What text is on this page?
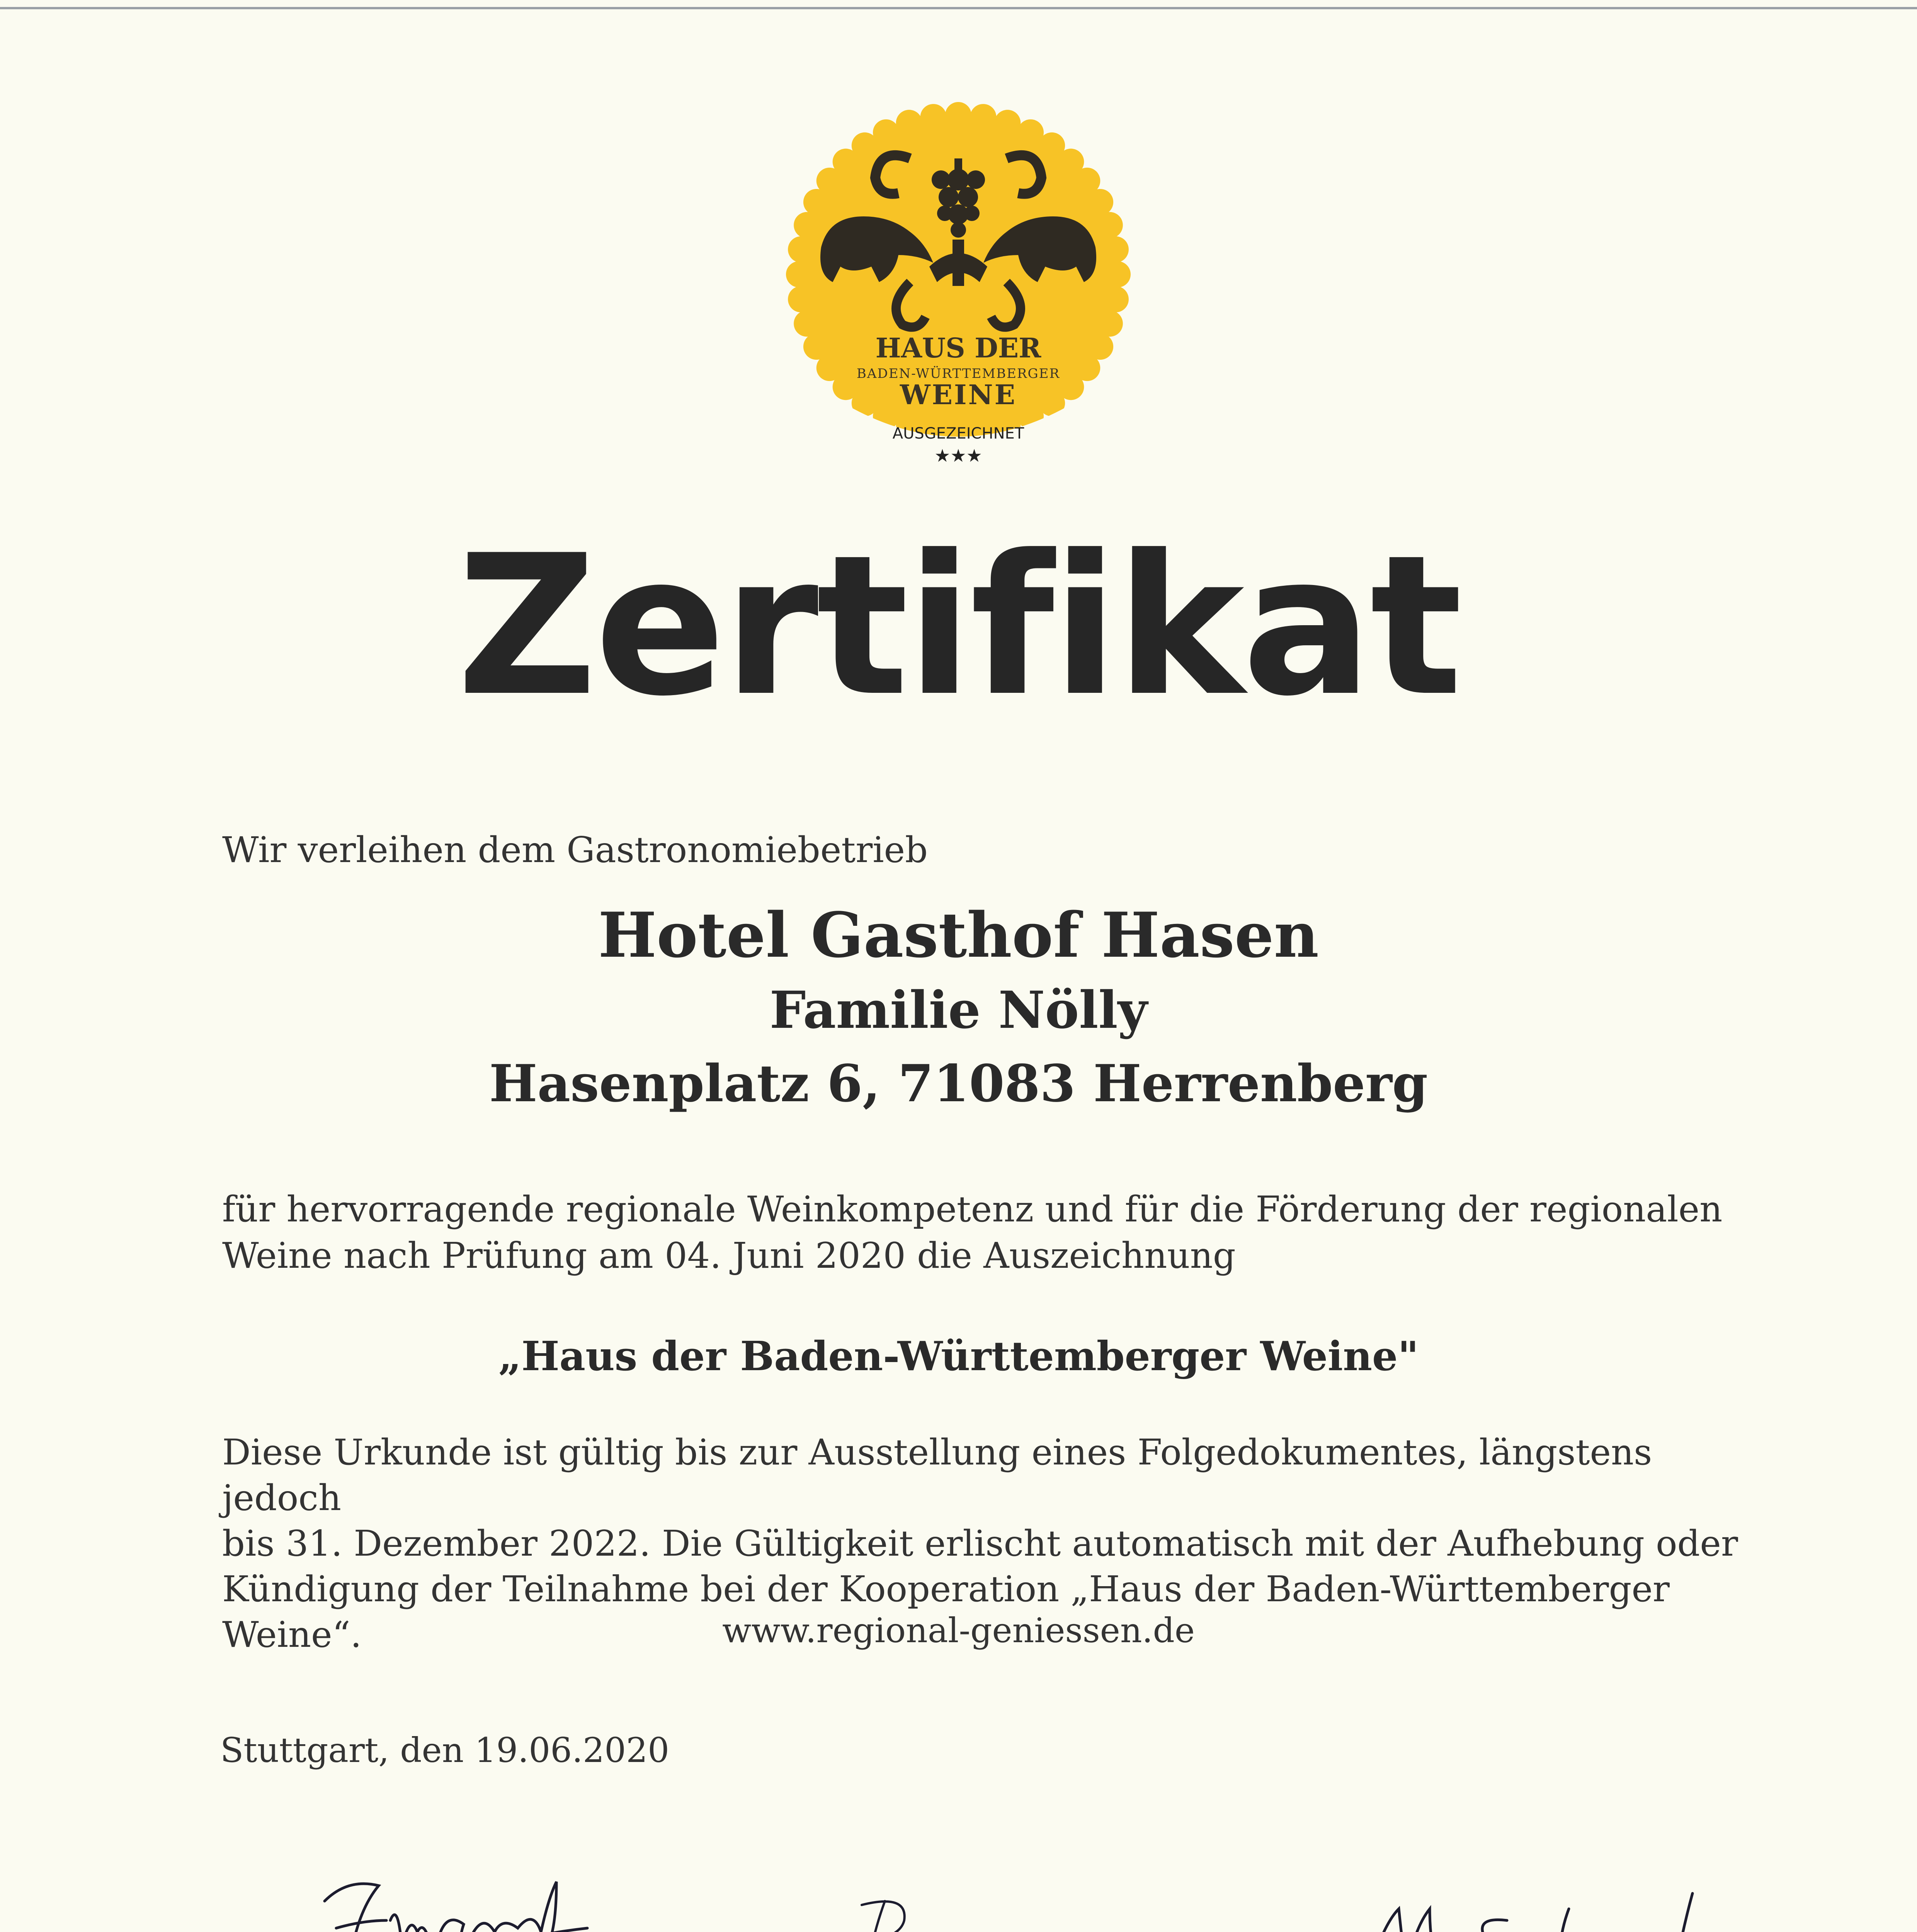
HAUS DER
BADEN-WÜRTTEMBERGER
WEINE
AUSGEZEICHNET
★★★
Zertifikat
Wir verleihen dem Gastronomiebetrieb
Hotel Gasthof Hasen
Familie Nölly
Hasenplatz 6, 71083 Herrenberg
für hervorragende regionale Weinkompetenz und für die Förderung der regionalen
Weine nach Prüfung am 04. Juni 2020 die Auszeichnung
„Haus der Baden-Württemberger Weine"
Diese Urkunde ist gültig bis zur Ausstellung eines Folgedokumentes, längstens jedoch
bis 31. Dezember 2022. Die Gültigkeit erlischt automatisch mit der Aufhebung oder
Kündigung der Teilnahme bei der Kooperation „Haus der Baden-Württemberger Weine“.	www.regional-geniessen.de
Stuttgart, den 19.06.2020
